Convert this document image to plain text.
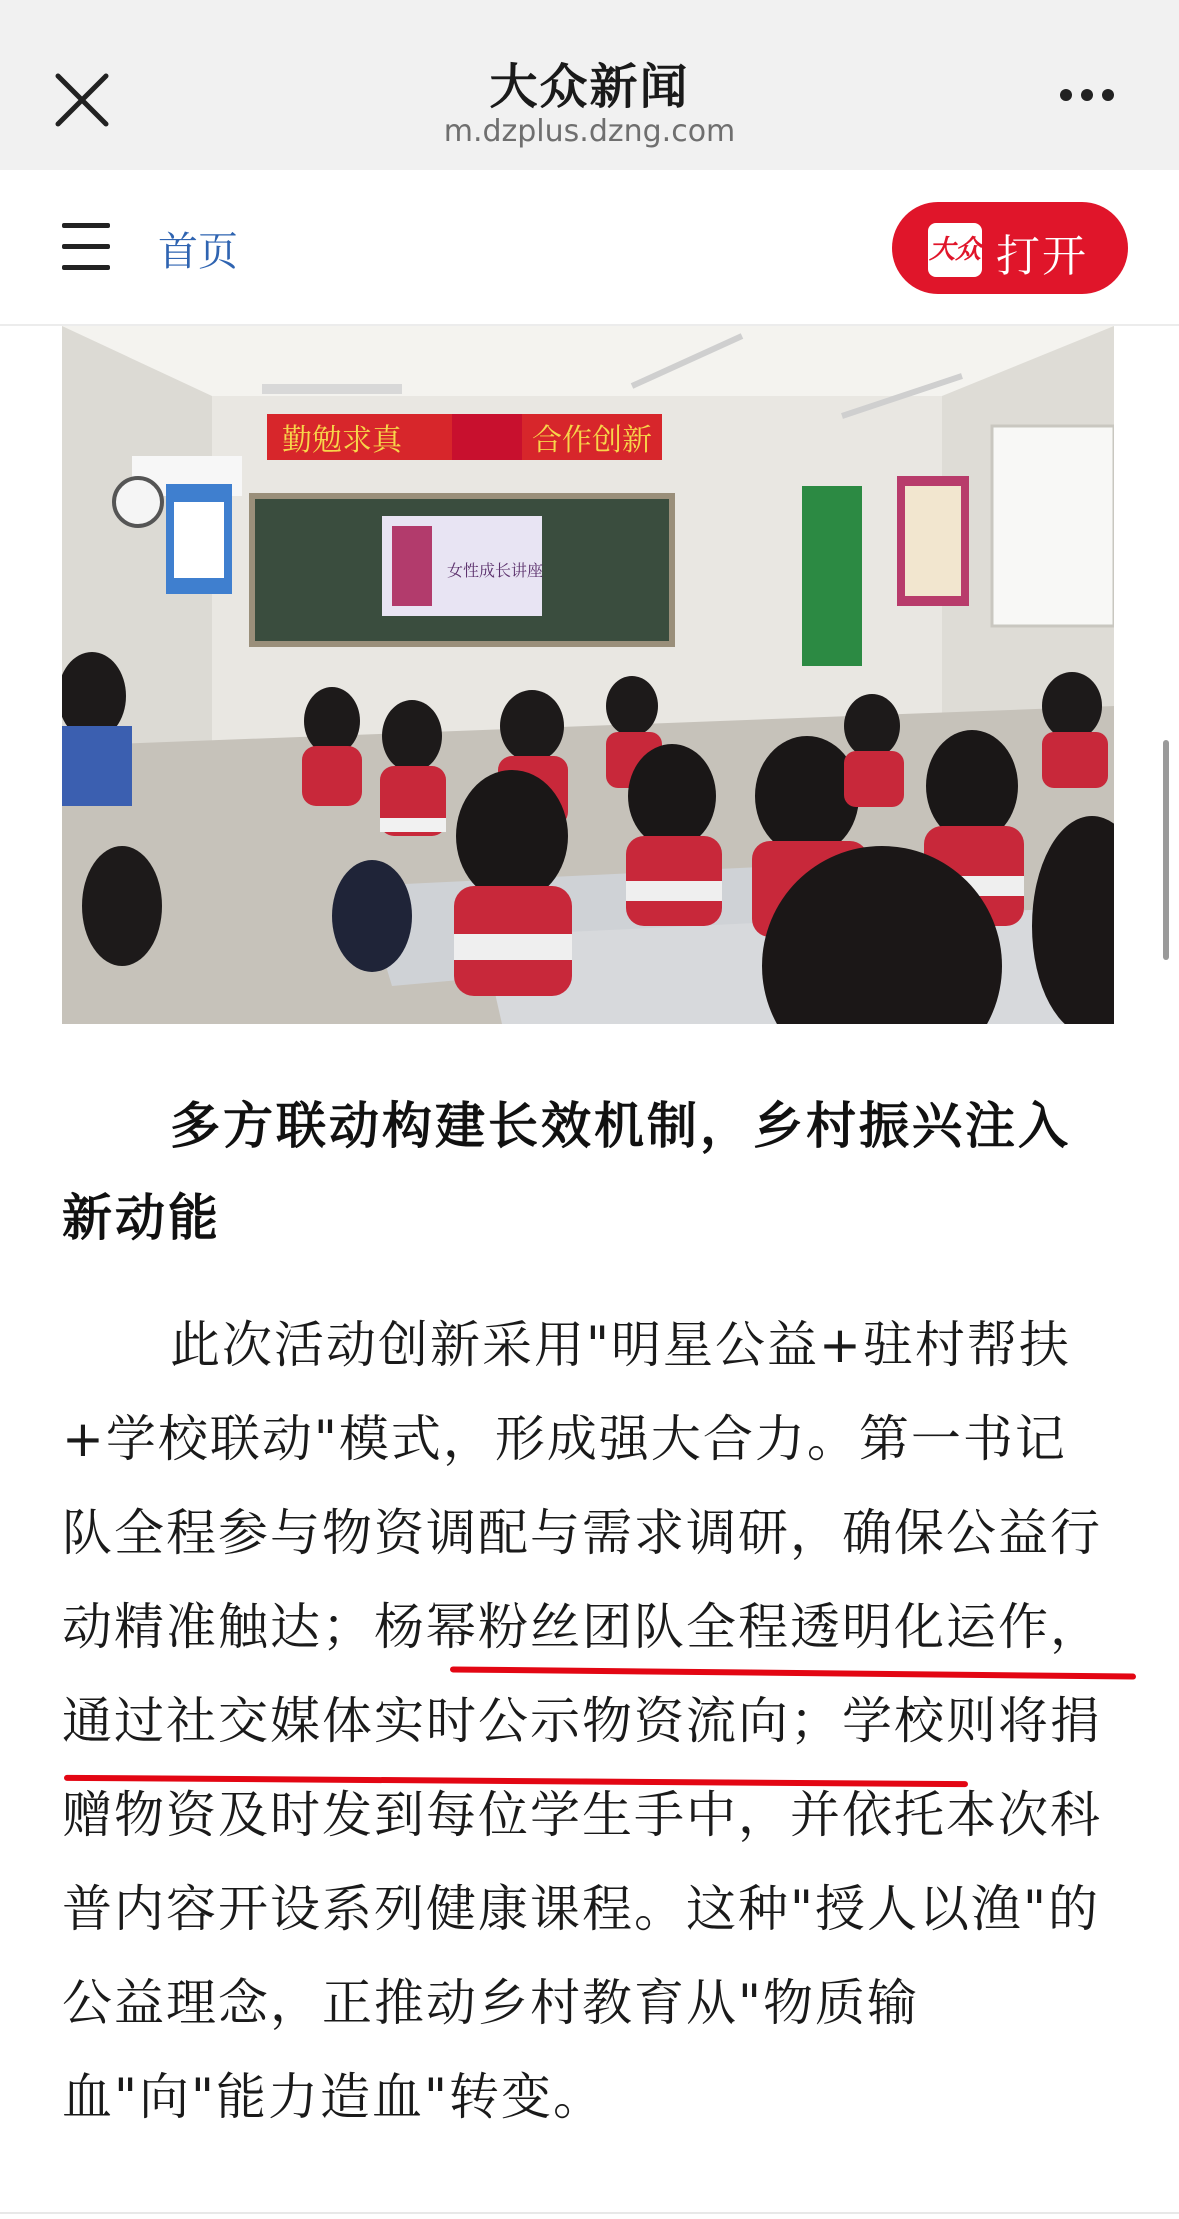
大众新闻
m.dzplus.dzng.com
首页	大众 打开
勤勉求真	合作创新
女性成长讲座
多方联动构建长效机制，乡村振兴注入新动能
此次活动创新采用"明星公益+驻村帮扶+学校联动"模式，形成强大合力。第一书记队全程参与物资调配与需求调研，确保公益行动精准触达；杨幂粉丝团队全程透明化运作，通过社交媒体实时公示物资流向；学校则将捐赠物资及时发到每位学生手中，并依托本次科普内容开设系列健康课程。这种"授人以渔"的公益理念，正推动乡村教育从"物质输血"向"能力造血"转变。
